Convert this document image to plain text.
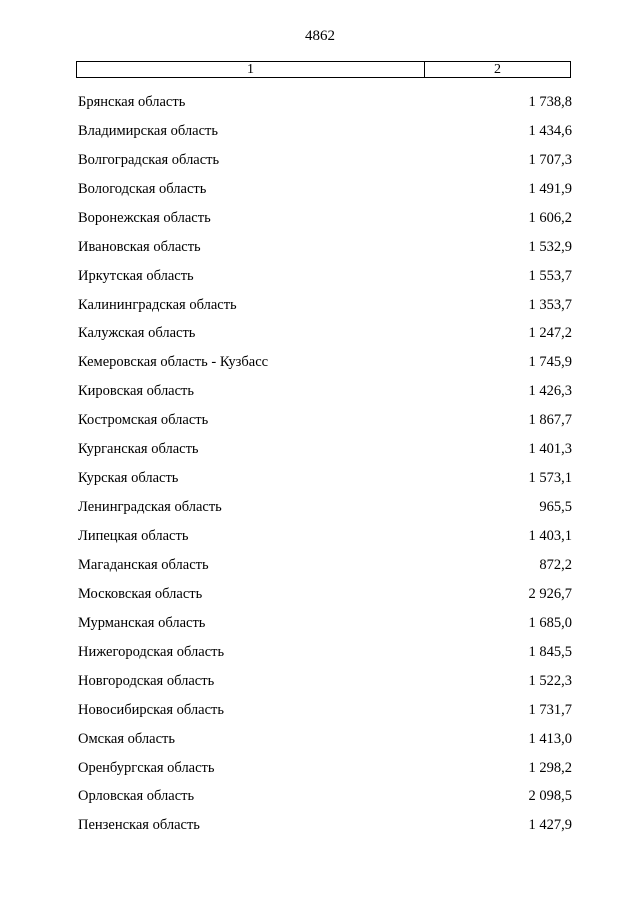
4862
1	2
Брянская область	1 738,8
Владимирская область	1 434,6
Волгоградская область	1 707,3
Вологодская область	1 491,9
Воронежская область	1 606,2
Ивановская область	1 532,9
Иркутская область	1 553,7
Калининградская область	1 353,7
Калужская область	1 247,2
Кемеровская область - Кузбасс	1 745,9
Кировская область	1 426,3
Костромская область	1 867,7
Курганская область	1 401,3
Курская область	1 573,1
Ленинградская область	965,5
Липецкая область	1 403,1
Магаданская область	872,2
Московская область	2 926,7
Мурманская область	1 685,0
Нижегородская область	1 845,5
Новгородская область	1 522,3
Новосибирская область	1 731,7
Омская область	1 413,0
Оренбургская область	1 298,2
Орловская область	2 098,5
Пензенская область	1 427,9
